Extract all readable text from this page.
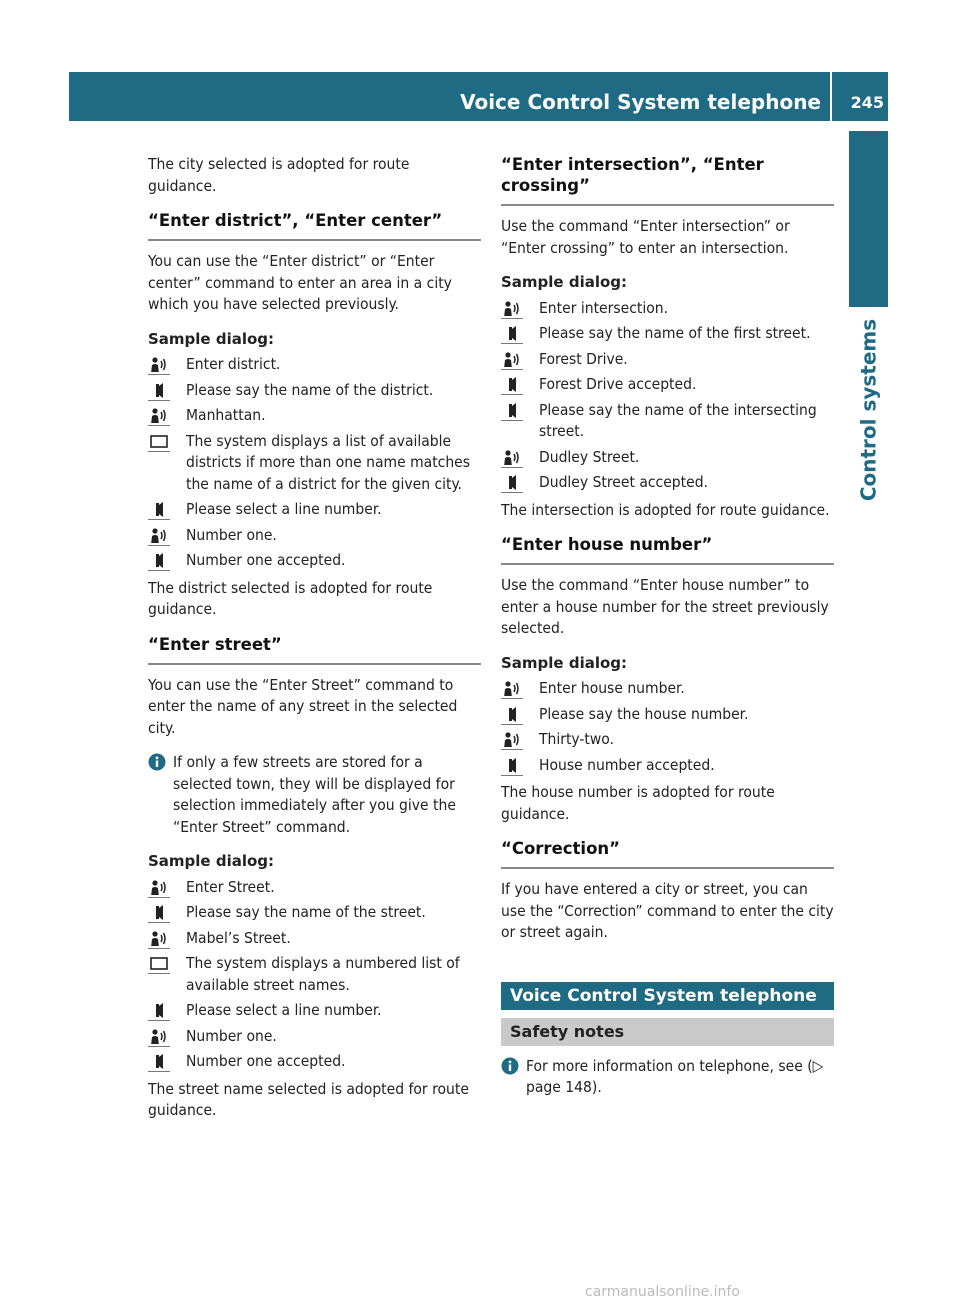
Voice Control System telephone 245
Control systems

The city selected is adopted for route guidance.

“Enter district”, “Enter center”

You can use the “Enter district” or “Enter center” command to enter an area in a city which you have selected previously.

Sample dialog:

Enter district.
Please say the name of the district.
Manhattan.
The system displays a list of available districts if more than one name matches the name of a district for the given city.
Please select a line number.
Number one.
Number one accepted.

The district selected is adopted for route guidance.

“Enter street”

You can use the “Enter Street” command to enter the name of any street in the selected city.

If only a few streets are stored for a selected town, they will be displayed for selection immediately after you give the “Enter Street” command.

Sample dialog:

Enter Street.
Please say the name of the street.
Mabel’s Street.
The system displays a numbered list of available street names.
Please select a line number.
Number one.
Number one accepted.

The street name selected is adopted for route guidance.

“Enter intersection”, “Enter crossing”

Use the command “Enter intersection” or “Enter crossing” to enter an intersection.

Sample dialog:

Enter intersection.
Please say the name of the first street.
Forest Drive.
Forest Drive accepted.
Please say the name of the intersecting street.
Dudley Street.
Dudley Street accepted.

The intersection is adopted for route guidance.

“Enter house number”

Use the command “Enter house number” to enter a house number for the street previously selected.

Sample dialog:

Enter house number.
Please say the house number.
Thirty-two.
House number accepted.

The house number is adopted for route guidance.

“Correction”

If you have entered a city or street, you can use the “Correction” command to enter the city or street again.

Voice Control System telephone
Safety notes
For more information on telephone, see (▷ page 148).
carmanualsonline.info
